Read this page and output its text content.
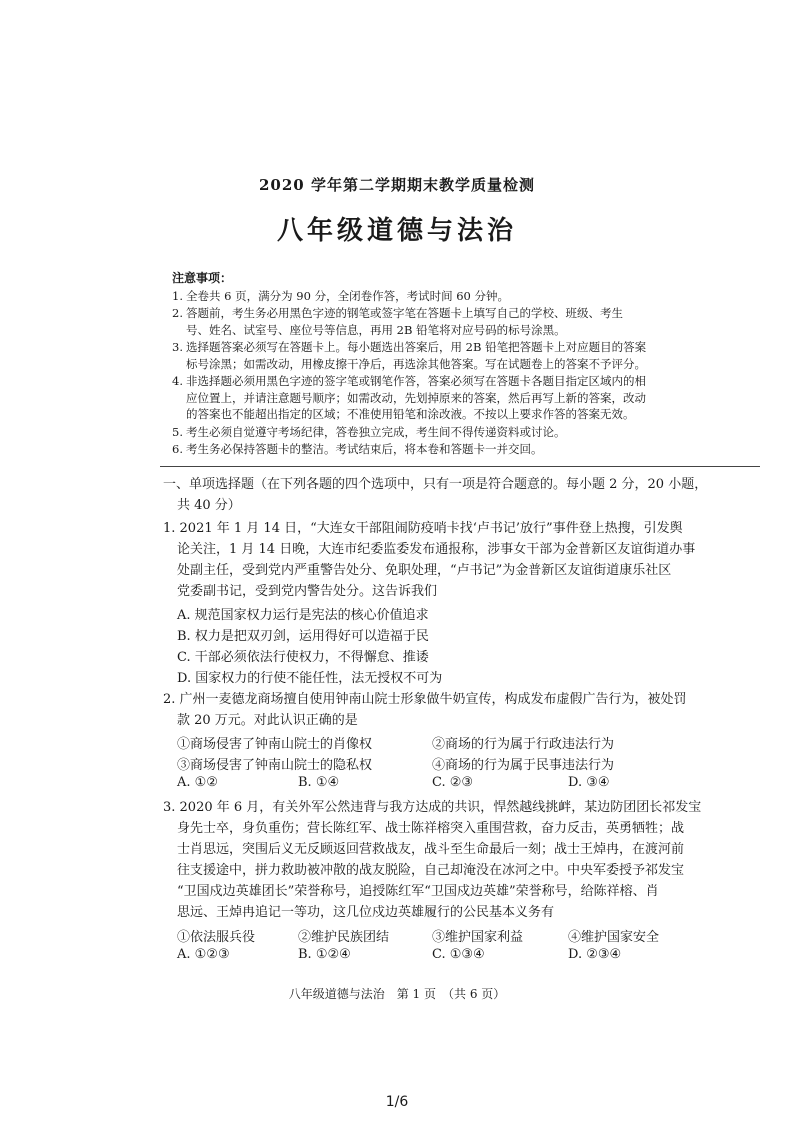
2020 学年第二学期期末教学质量检测
八年级道德与法治
注意事项：
1. 全卷共 6 页，满分为 90 分，全闭卷作答，考试时间 60 分钟。
2. 答题前，考生务必用黑色字迹的钢笔或签字笔在答题卡上填写自己的学校、班级、考生
号、姓名、试室号、座位号等信息，再用 2B 铅笔将对应号码的标号涂黑。
3. 选择题答案必须写在答题卡上。每小题选出答案后，用 2B 铅笔把答题卡上对应题目的答案
标号涂黑；如需改动，用橡皮擦干净后，再选涂其他答案。写在试题卷上的答案不予评分。
4. 非选择题必须用黑色字迹的签字笔或钢笔作答，答案必须写在答题卡各题目指定区域内的相
应位置上，并请注意题号顺序；如需改动，先划掉原来的答案，然后再写上新的答案，改动
的答案也不能超出指定的区域；不准使用铅笔和涂改液。不按以上要求作答的答案无效。
5. 考生必须自觉遵守考场纪律，答卷独立完成，考生间不得传递资料或讨论。
6. 考生务必保持答题卡的整洁。考试结束后，将本卷和答题卡一并交回。
一、单项选择题（在下列各题的四个选项中，只有一项是符合题意的。每小题 2 分，20 小题，
共 40 分）
1. 2021 年 1 月 14 日，“大连女干部阻闹防疫哨卡找‘卢书记’放行”事件登上热搜，引发舆
论关注，1 月 14 日晚，大连市纪委监委发布通报称，涉事女干部为金普新区友谊街道办事
处副主任，受到党内严重警告处分、免职处理，“卢书记”为金普新区友谊街道康乐社区
党委副书记，受到党内警告处分。这告诉我们
A. 规范国家权力运行是宪法的核心价值追求
B. 权力是把双刃剑，运用得好可以造福于民
C. 干部必须依法行使权力，不得懈怠、推诿
D. 国家权力的行使不能任性，法无授权不可为
2. 广州一麦德龙商场擅自使用钟南山院士形象做牛奶宣传，构成发布虚假广告行为，被处罚
款 20 万元。对此认识正确的是
①商场侵害了钟南山院士的肖像权	②商场的行为属于行政违法行为
③商场侵害了钟南山院士的隐私权	④商场的行为属于民事违法行为
A. ①②	B. ①④	C. ②③	D. ③④
3. 2020 年 6 月，有关外军公然违背与我方达成的共识，悍然越线挑衅，某边防团团长祁发宝
身先士卒，身负重伤；营长陈红军、战士陈祥榕突入重围营救，奋力反击，英勇牺牲；战
士肖思远，突围后义无反顾返回营救战友，战斗至生命最后一刻；战士王焯冉，在渡河前
往支援途中，拼力救助被冲散的战友脱险，自己却淹没在冰河之中。中央军委授予祁发宝
“卫国戍边英雄团长”荣誉称号，追授陈红军“卫国戍边英雄”荣誉称号，给陈祥榕、肖
思远、王焯冉追记一等功，这几位戍边英雄履行的公民基本义务有
①依法服兵役	②维护民族团结	③维护国家利益	④维护国家安全
A. ①②③	B. ①②④	C. ①③④	D. ②③④
八年级道德与法治　第 1 页　（共 6 页）
1/6
